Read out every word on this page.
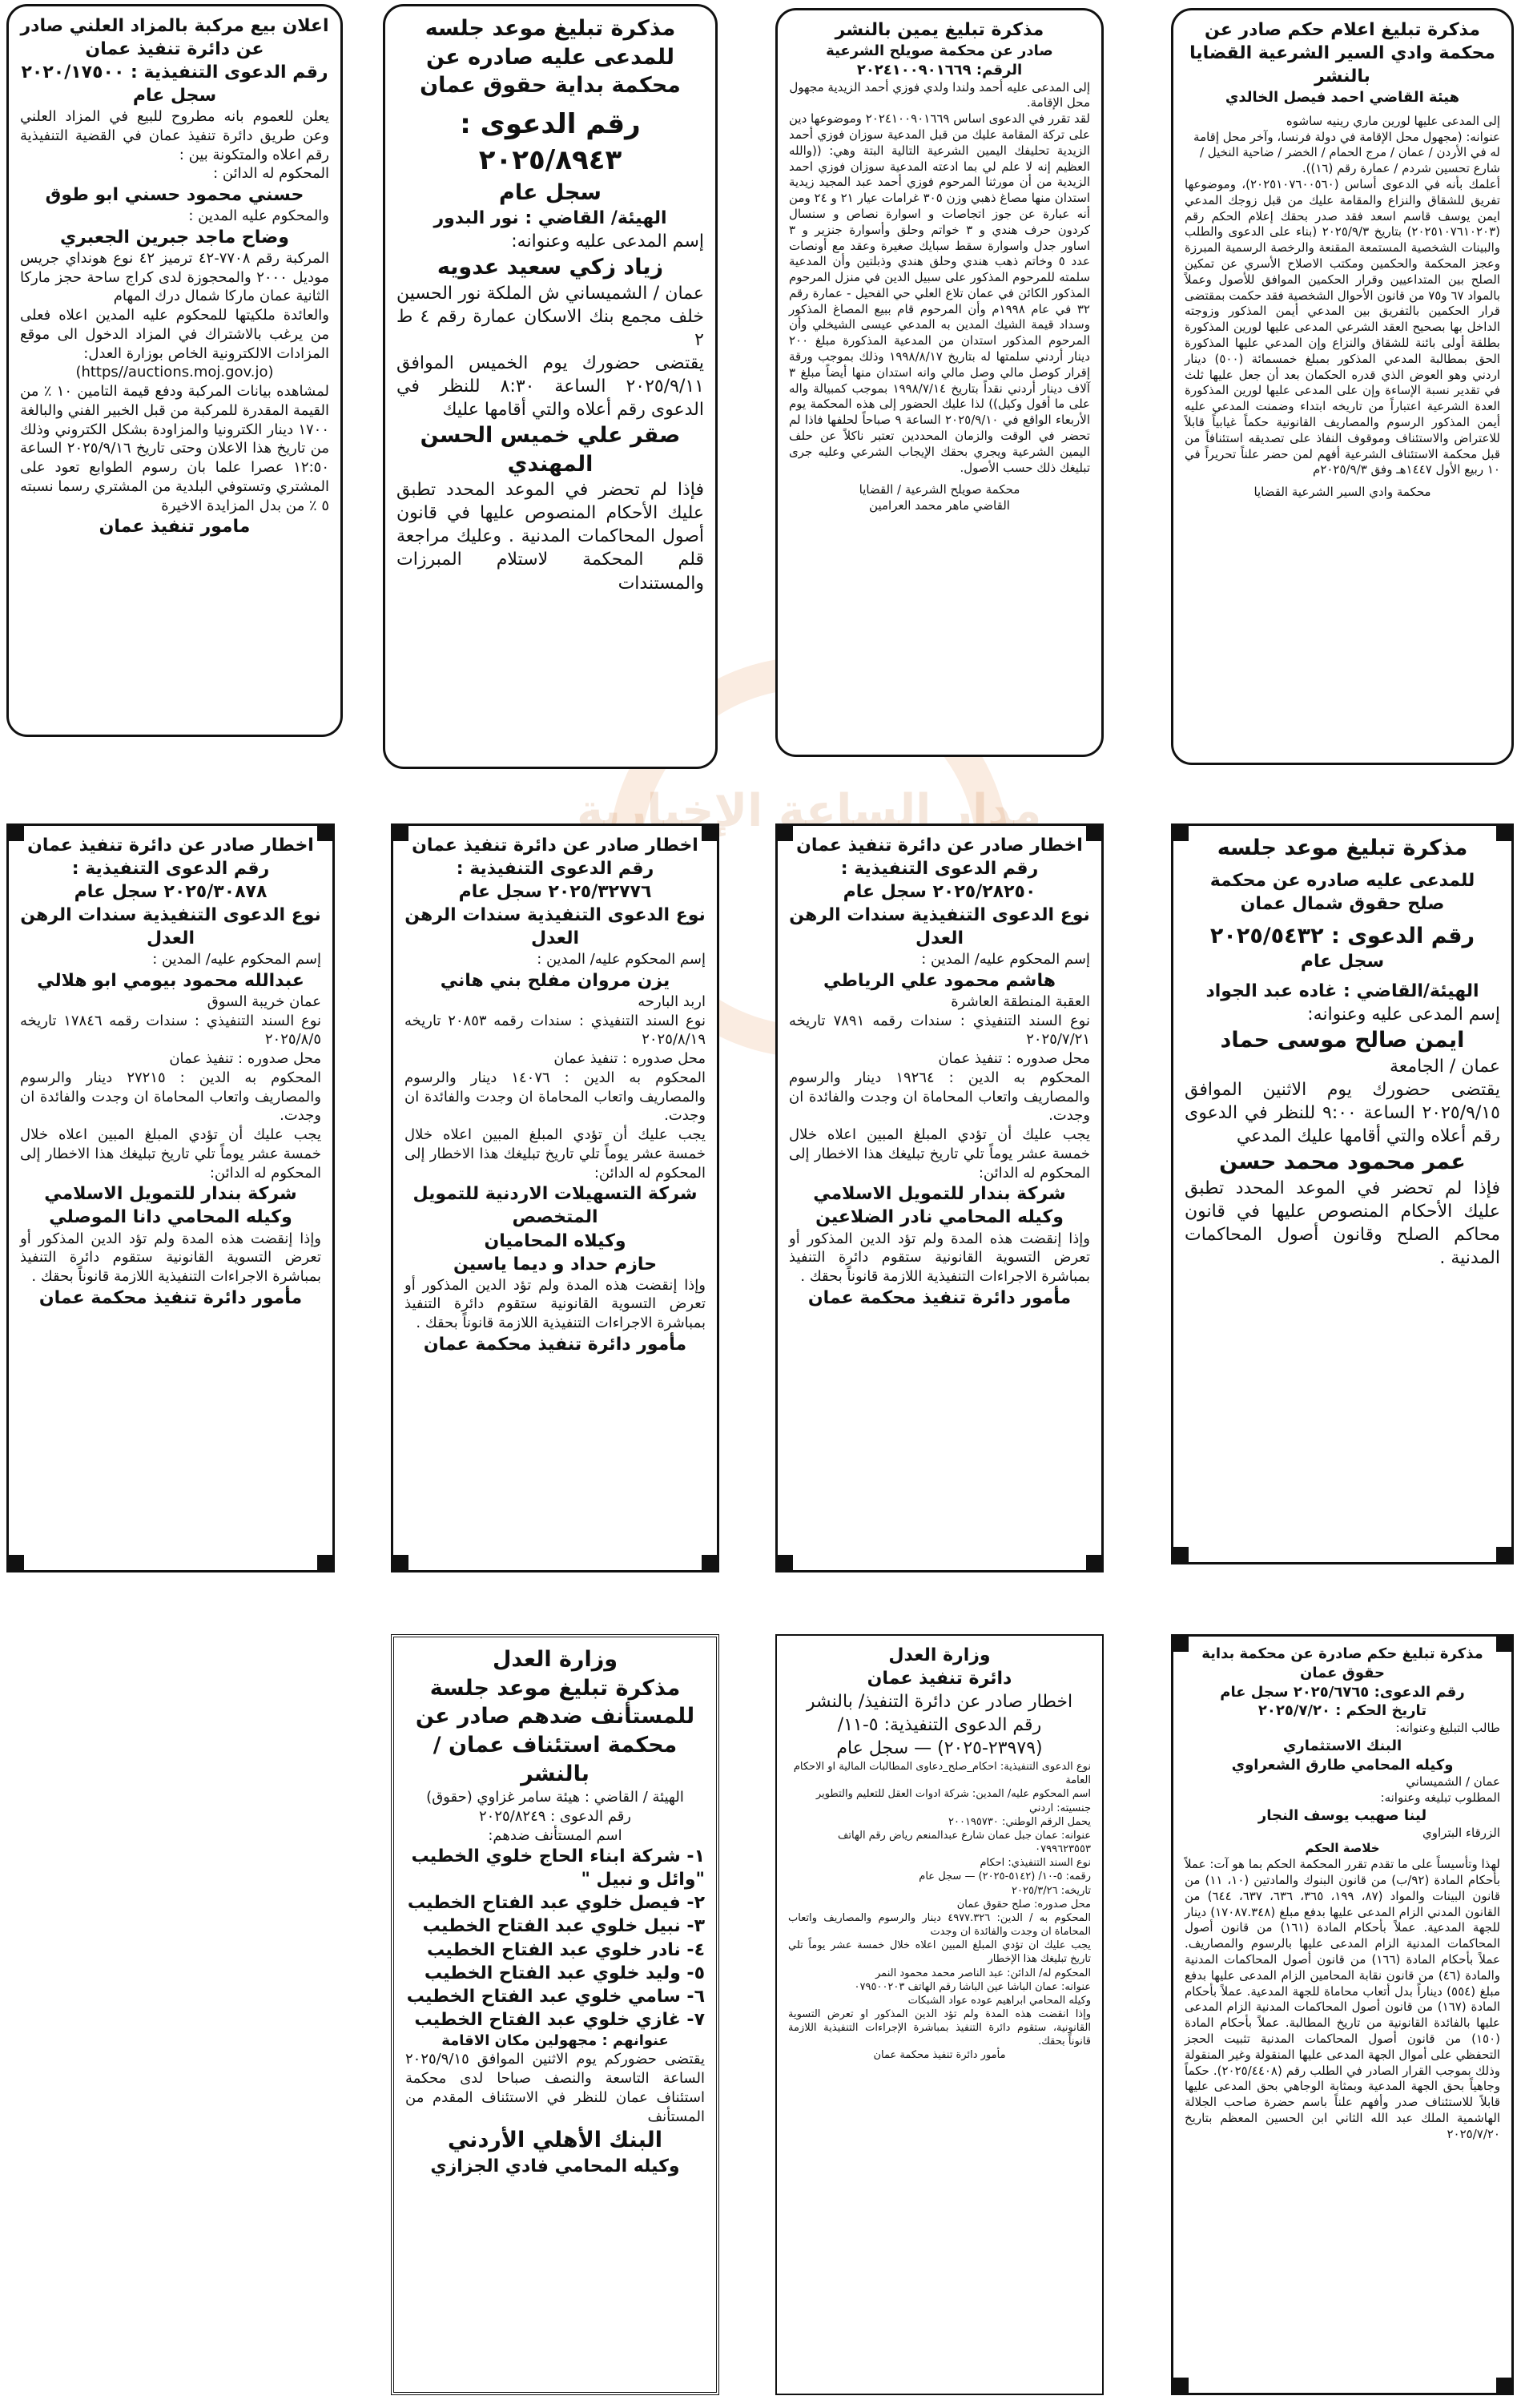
مدار الساعة الإخبارية
مذكرة تبليغ اعلام حكم صادر عن محكمة وادي السير الشرعية القضايا بالنشر
هيئة القاضي احمد فيصل الخالدي
إلى المدعى عليها لورين ماري رينيه ساشوه
عنوانه: (مجهول محل الإقامة في دولة فرنسا، وآخر محل إقامة له في الأردن / عمان / مرج الحمام / الخضر / ضاحية النخيل / شارع تحسين شردم / عمارة رقم (١٦)).
أعلمك بأنه في الدعوى أساس (٢٠٢٥١٠٧٦٠٠٥٦٠)، وموضوعها تفريق للشقاق والنزاع والمقامة عليك من قبل زوجك المدعي ايمن يوسف قاسم اسعد فقد صدر بحقك إعلام الحكم رقم (٢٠٢٥١٠٧٦١٠٢٠٣) بتاريخ ٢٠٢٥/٩/٣ (بناء على الدعوى والطلب والبينات الشخصية المستمعة المقنعة والرخصة الرسمية المبرزة وعجز المحكمة والحكمين ومكتب الاصلاح الأسري عن تمكين الصلح بين المتداعيين وقرار الحكمين الموافق للأصول وعملاً بالمواد ٦٧ و٧٥ من قانون الأحوال الشخصية فقد حكمت بمقتضى قرار الحكمين بالتفريق بين المدعي أيمن المذكور وزوجته الداخل بها بصحيح العقد الشرعي المدعى عليها لورين المذكورة بطلقة أولى بائنة للشقاق والنزاع وإن المدعي عليها المذكورة الحق بمطالبة المدعي المذكور بمبلغ خمسمائة (٥٠٠) دينار اردني وهو العوض الذي قدره الحكمان بعد أن جعل عليها ثلث في تقدير نسبة الإساءة وإن على المدعى عليها لورين المذكورة العدة الشرعية اعتباراً من تاريخه ابتداء وضمنت المدعي عليه أيمن المذكور الرسوم والمصاريف القانونية حكماً غيابياً قابلاً للاعتراض والاستئناف وموقوف النفاذ على تصديقه استئنافاً من قبل محكمة الاستئناف الشرعية أفهم لمن حضر علناً تحريراً في ١٠ ربيع الأول ١٤٤٧هـ وفق ٢٠٢٥/٩/٣م
محكمة وادي السير الشرعية القضايا
مذكرة تبليغ يمين بالنشر
صادر عن محكمة صويلح الشرعية
الرقم: ٢٠٢٤١٠٠٩٠١٦٦٩
إلى المدعى عليه أحمد ولندا ولدي فوزي أحمد الزيدية مجهول محل الإقامة.
لقد تقرر في الدعوى اساس ٢٠٢٤١٠٠٩٠١٦٦٩ وموضوعها دين على تركة المقامة عليك من قبل المدعية سوزان فوزي أحمد الزيدية تحليفك اليمين الشرعية التالية البتة وهي: ((والله العظيم إنه لا علم لي بما ادعته المدعية سوزان فوزي احمد الزيدية من أن مورثنا المرحوم فوزي أحمد عبد المجيد زيدية استدان منها مصاغ ذهبي وزن ٣٠٥ غرامات عيار ٢١ و ٢٤ ومن أنه عبارة عن جوز اتجاصات و اسوارة نصاص و سنسال كردون حرف هندي و ٣ خواتم وحلق وأسوارة جنزير و ٣ اساور جدل واسوارة سقط سبايك صغيرة وعقد مع أونصات عدد ٥ وخاتم ذهب هندي وحلق هندي وذبلتين وأن المدعية سلمته للمرحوم المذكور على سبيل الدين في منزل المرحوم المذكور الكائن في عمان تلاع العلي حي الفحيل - عمارة رقم ٣٢ في عام ١٩٩٨م وأن المرحوم قام ببيع المصاغ المذكور وسداد قيمة الشيك المدين به المدعي عيسى الشيخلي وأن المرحوم المذكور استدان من المدعية المذكورة مبلغ ٢٠٠ دينار أردني سلمتها له بتاريخ ١٩٩٨/٨/١٧ وذلك بموجب ورقة إقرار كوصل مالي وصل مالي وانه استدان منها أيضاً مبلغ ٣ آلاف دينار أردني نقداً بتاريخ ١٩٩٨/٧/١٤ بموجب كمبيالة واله على ما أقول وكيل)) لذا عليك الحضور إلى هذه المحكمة يوم الأربعاء الواقع في ٢٠٢٥/٩/١٠ الساعة ٩ صباحاً لحلفها فاذا لم تحضر في الوقت والزمان المحددين تعتبر ناكلاً عن حلف اليمين الشرعية ويجري بحقك الإيجاب الشرعي وعليه جرى تبليغك ذلك حسب الأصول.
محكمة صويلح الشرعية / القضايا
القاضي ماهر محمد العرامين
مذكرة تبليغ موعد جلسه للمدعى عليه صادره عن محكمة بداية حقوق عمان
رقم الدعوى : ٢٠٢٥/٨٩٤٣
سجل عام
الهيئة/ القاضي : نور البدور
إسم المدعى عليه وعنوانه:
زياد زكي سعيد عدويه
عمان / الشميساني ش الملكة نور الحسين خلف مجمع بنك الاسكان عمارة رقم ٤ ط ٢
يقتضى حضورك يوم الخميس الموافق ٢٠٢٥/٩/١١ الساعة ٨:٣٠ للنظر في الدعوى رقم أعلاه والتي أقامها عليك
صقر علي خميس الحسن المهندي
فإذا لم تحضر في الموعد المحدد تطبق عليك الأحكام المنصوص عليها في قانون أصول المحاكمات المدنية . وعليك مراجعة قلم المحكمة لاستلام المبرزات والمستندات
اعلان بيع مركبة بالمزاد العلني صادر عن دائرة تنفيذ عمان
رقم الدعوى التنفيذية : ٢٠٢٠/١٧٥٠٠
سجل عام
يعلن للعموم بانه مطروح للبيع في المزاد العلني وعن طريق دائرة تنفيذ عمان في القضية التنفيذية رقم اعلاه والمتكونة بين :
المحكوم له الدائن :
حسني محمود حسني ابو طوق
والمحكوم عليه المدين :
وضاح ماجد جبرين الجعبري
المركبة رقم ٧٧٠٨-٤٢ ترميز ٤٢ نوع هونداي جريس موديل ٢٠٠٠ والمحجوزة لدى كراج ساحة حجز ماركا الثانية عمان ماركا شمال درك المهام
والعائدة ملكيتها للمحكوم عليه المدين اعلاه فعلى من يرغب بالاشتراك في المزاد الدخول الى موقع المزادات الالكترونية الخاص بوزارة العدل:
(https//auctions.moj.gov.jo)
لمشاهده بيانات المركبة ودفع قيمة التامين ١٠ ٪ من القيمة المقدرة للمركبة من قبل الخبير الفني والبالغة ١٧٠٠ دينار الكترونيا والمزاودة بشكل الكتروني وذلك من تاريخ هذا الاعلان وحتى تاريخ ٢٠٢٥/٩/١٦ الساعة ١٢:٥٠ عصرا علما بان رسوم الطوابع تعود على المشتري وتستوفي البلدية من المشتري رسما نسبته ٥ ٪ من بدل المزايدة الاخيرة
مامور تنفيذ عمان
مذكرة تبليغ موعد جلسه
للمدعى عليه صادره عن محكمة
صلح حقوق شمال عمان
رقم الدعوى : ٢٠٢٥/٥٤٣٢
سجل عام
الهيئة/القاضي : غاده عبد الجواد
إسم المدعى عليه وعنوانه:
ايمن صالح موسى حماد
عمان / الجامعة
يقتضى حضورك يوم الاثنين الموافق ٢٠٢٥/٩/١٥ الساعة ٩:٠٠ للنظر في الدعوى رقم أعلاه والتي أقامها عليك المدعي
عمر محمود محمد حسن
فإذا لم تحضر في الموعد المحدد تطبق عليك الأحكام المنصوص عليها في قانون محاكم الصلح وقانون أصول المحاكمات المدنية .
اخطار صادر عن دائرة تنفيذ عمان
رقم الدعوى التنفيذية : ٢٠٢٥/٢٨٢٥٠ سجل عام
نوع الدعوى التنفيذية سندات الرهن العدل
إسم المحكوم عليه/ المدين :
هاشم محمود علي الرياطي
العقبة المنطقة العاشرة
نوع السند التنفيذي : سندات رقمه ٧٨٩١ تاريخه ٢٠٢٥/٧/٢١
محل صدوره : تنفيذ عمان
المحكوم به الدين : ١٩٢٦٤ دينار والرسوم والمصاريف واتعاب المحاماة ان وجدت والفائدة ان وجدت.
يجب عليك أن تؤدي المبلغ المبين اعلاه خلال خمسة عشر يوماً تلي تاريخ تبليغك هذا الاخطار إلى المحكوم له الدائن:
شركة بندار للتمويل الاسلامي
وكيله المحامي نادر الضلاعين
وإذا إنقضت هذه المدة ولم تؤد الدين المذكور أو تعرض التسوية القانونية ستقوم دائرة التنفيذ بمباشرة الاجراءات التنفيذية اللازمة قانوناً بحقك .
مأمور دائرة تنفيذ محكمة عمان
اخطار صادر عن دائرة تنفيذ عمان
رقم الدعوى التنفيذية : ٢٠٢٥/٣٢٧٧٦ سجل عام
نوع الدعوى التنفيذية سندات الرهن العدل
إسم المحكوم عليه/ المدين :
يزن مروان مفلح بني هاني
اربد البارحه
نوع السند التنفيذي : سندات رقمه ٢٠٨٥٣ تاريخه ٢٠٢٥/٨/١٩
محل صدوره : تنفيذ عمان
المحكوم به الدين : ١٤٠٧٦ دينار والرسوم والمصاريف واتعاب المحاماة ان وجدت والفائدة ان وجدت.
يجب عليك أن تؤدي المبلغ المبين اعلاه خلال خمسة عشر يوماً تلي تاريخ تبليغك هذا الاخطار إلى المحكوم له الدائن:
شركة التسهيلات الاردنية للتمويل المتخصص
وكيلاه المحاميان
حازم حداد و ديما ياسين
وإذا إنقضت هذه المدة ولم تؤد الدين المذكور أو تعرض التسوية القانونية ستقوم دائرة التنفيذ بمباشرة الاجراءات التنفيذية اللازمة قانوناً بحقك .
مأمور دائرة تنفيذ محكمة عمان
اخطار صادر عن دائرة تنفيذ عمان
رقم الدعوى التنفيذية : ٢٠٢٥/٣٠٨٧٨ سجل عام
نوع الدعوى التنفيذية سندات الرهن العدل
إسم المحكوم عليه/ المدين :
عبدالله محمود بيومي ابو هلالي
عمان خريبة السوق
نوع السند التنفيذي : سندات رقمه ١٧٨٤٦ تاريخه ٢٠٢٥/٨/٥
محل صدوره : تنفيذ عمان
المحكوم به الدين : ٢٧٢١٥ دينار والرسوم والمصاريف واتعاب المحاماة ان وجدت والفائدة ان وجدت.
يجب عليك أن تؤدي المبلغ المبين اعلاه خلال خمسة عشر يوماً تلي تاريخ تبليغك هذا الاخطار إلى المحكوم له الدائن:
شركة بندار للتمويل الاسلامي
وكيله المحامي دانا الموصلي
وإذا إنقضت هذه المدة ولم تؤد الدين المذكور أو تعرض التسوية القانونية ستقوم دائرة التنفيذ بمباشرة الاجراءات التنفيذية اللازمة قانوناً بحقك .
مأمور دائرة تنفيذ محكمة عمان
مذكرة تبليغ حكم صادرة عن محكمة بداية حقوق عمان
رقم الدعوى: ٢٠٢٥/٦٧٦٥ سجل عام
تاريخ الحكم : ٢٠٢٥/٧/٢٠
طالب التبليغ وعنوانه:
البنك الاستثماري
وكيله المحامي طارق الشعراوي
عمان / الشميساني
المطلوب تبليغه وعنوانه:
لينا صهيب يوسف النجار
الزرقاء البتراوي
خلاصة الحكم
لهذا وتأسيساً على ما تقدم تقرر المحكمة الحكم بما هو آت: عملاً بأحكام المادة (٩٢/ب) من قانون البنوك والمادتين (١٠، ١١) من قانون البينات والمواد (٨٧، ١٩٩، ٣٦٥، ٦٣٦، ٦٣٧، ٦٤٤) من القانون المدني الزام المدعى عليها بدفع مبلغ (١٧٠٨٧.٣٤٨) دينار للجهة المدعية. عملاً بأحكام المادة (١٦١) من قانون أصول المحاكمات المدنية الزام المدعى عليها بالرسوم والمصاريف. عملاً بأحكام المادة (١٦٦) من قانون أصول المحاكمات المدنية والمادة (٤٦) من قانون نقابة المحامين الزام المدعى عليها بدفع مبلغ (٥٥٤) ديناراً بدل أتعاب محاماة للجهة المدعية. عملاً بأحكام المادة (١٦٧) من قانون أصول المحاكمات المدنية الزام المدعى عليها بالفائدة القانونية من تاريخ المطالبة. عملاً بأحكام المادة (١٥٠) من قانون أصول المحاكمات المدنية تثبيت الحجز التحفظي على أموال الجهة المدعى عليها المنقولة وغير المنقولة وذلك بموجب القرار الصادر في الطلب رقم (٢٠٢٥/٤٤٠٨). حكماً وجاهياً بحق الجهة المدعية وبمثابة الوجاهي بحق المدعى عليها قابلاً للاستئناف صدر وأفهم علناً باسم حضرة صاحب الجلالة الهاشمية الملك عبد الله الثاني ابن الحسين المعظم بتاريخ ٢٠٢٥/٧/٢٠
وزارة العدل
دائرة تنفيذ عمان
اخطار صادر عن دائرة التنفيذ/ بالنشر
رقم الدعوى التنفيذية: ٥-١١/
(٢٣٩٧٩-٢٠٢٥) — سجل عام
نوع الدعوى التنفيذية: احكام_صلح_دعاوى المطالبات المالية او الاحكام العامة
اسم المحكوم عليه/ المدين: شركة ادوات العقل للتعليم والتطوير
جنسيته: اردني
يحمل الرقم الوطني: ٢٠٠١٩٥٧٣٠
عنوانه: عمان جبل عمان شارع عبدالمنعم رياض رقم الهاتف ٠٧٩٩٦٢٣٥٥٣
نوع السند التنفيذي: احكام
رقمه: ٥-١٠/ (٥١٤٢-٢٠٢٥) — سجل عام
تاريخه: ٢٠٢٥/٣/٢٦
محل صدوره: صلح حقوق عمان
المحكوم به / الدين: ٤٩٧٧.٣٢٦ دينار والرسوم والمصاريف واتعاب المحاماة ان وجدت والفائدة ان وجدت
يجب عليك ان تؤدي المبلغ المبين اعلاه خلال خمسة عشر يوماً تلي تاريخ تبليغك هذا الإخطار
المحكوم له/ الدائن: عبد الناصر محمد محمود النمر
عنوانه: عمان الباشا عين الباشا رقم الهاتف ٠٧٩٥٠٠٢٠٣
وكيله المحامي ابراهيم عوده عواد الشبكات
وإذا انقضت هذه المدة ولم تؤد الدين المذكور او تعرض التسوية القانونية، ستقوم دائرة التنفيذ بمباشرة الإجراءات التنفيذية اللازمة قانوناً بحقك.
مأمور دائرة تنفيذ محكمة عمان
وزارة العدل
مذكرة تبليغ موعد جلسة للمستأنف ضدهم صادر عن محكمة استئناف عمان / بالنشر
الهيئة / القاضي : هيئة سامر غزاوي (حقوق)
رقم الدعوى : ٢٠٢٥/٨٢٤٩
اسم المستأنف ضدهم:
١- شركة ابناء الحاج خلوي الخطيب "وائل و نبيل "
٢- فيصل خلوي عبد الفتاح الخطيب
٣- نبيل خلوي عبد الفتاح الخطيب
٤- نادر خلوي عبد الفتاح الخطيب
٥- وليد خلوي عبد الفتاح الخطيب
٦- سامي خلوي عبد الفتاح الخطيب
٧- غازي خلوي عبد الفتاح الخطيب
عنوانهم : مجهولين مكان الاقامة
يقتضى حضوركم يوم الاثنين الموافق ٢٠٢٥/٩/١٥ الساعة التاسعة والنصف صباحا لدى محكمة استئناف عمان للنظر في الاستئناف المقدم من المستأنف
البنك الأهلي الأردني
وكيله المحامي فادي الجزازي
